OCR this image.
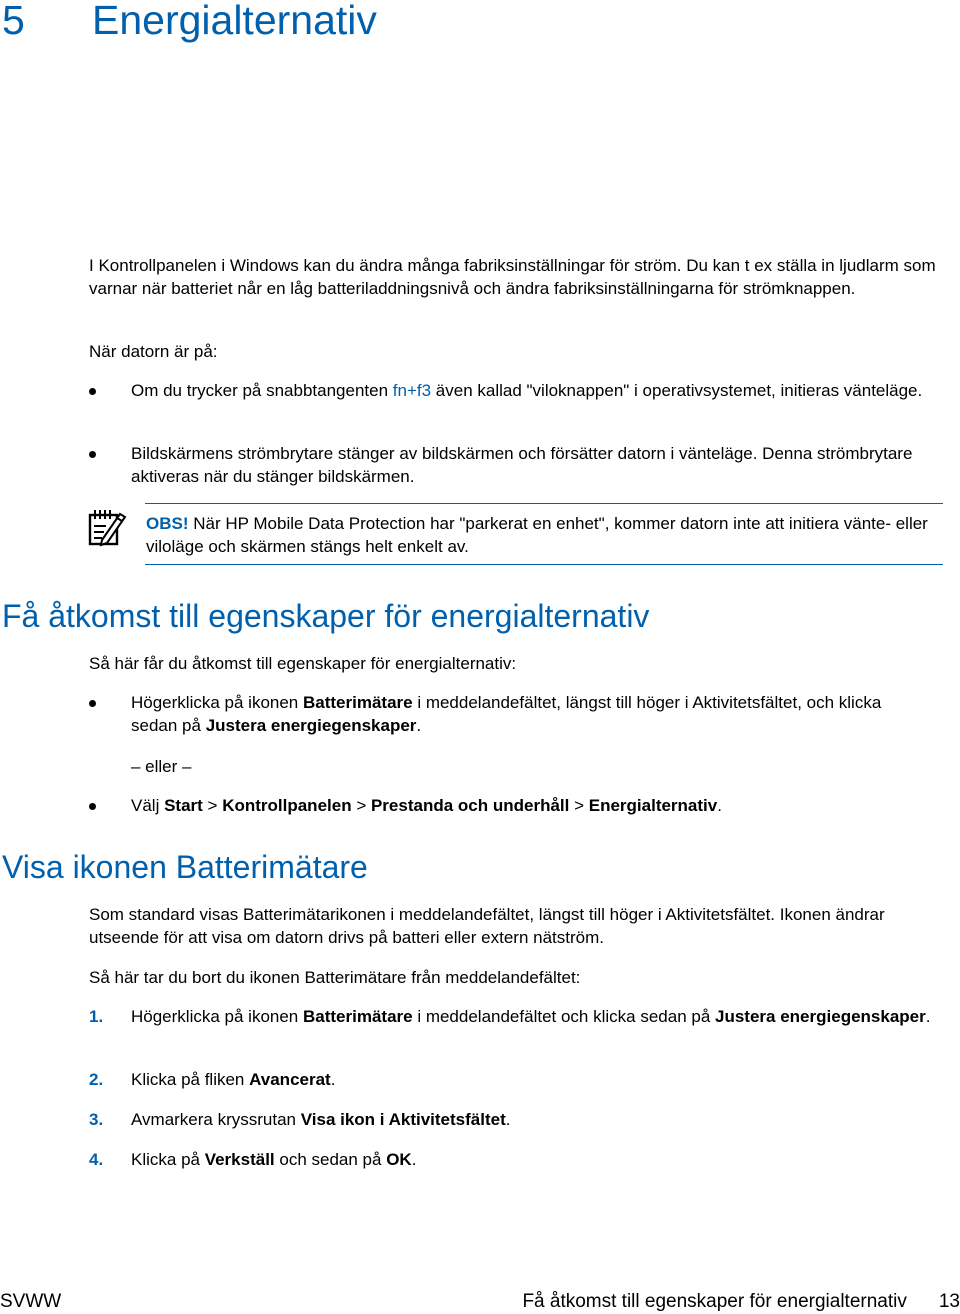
5 Energialternativ
I Kontrollpanelen i Windows kan du ändra många fabriksinställningar för ström. Du kan t ex ställa in ljudlarm som varnar när batteriet når en låg batteriladdningsnivå och ändra fabriksinställningarna för strömknappen.
När datorn är på:
Om du trycker på snabbtangenten fn+f3 även kallad "viloknappen" i operativsystemet, initieras vänteläge.
Bildskärmens strömbrytare stänger av bildskärmen och försätter datorn i vänteläge. Denna strömbrytare aktiveras när du stänger bildskärmen.
OBS! När HP Mobile Data Protection har "parkerat en enhet", kommer datorn inte att initiera vänte- eller viloläge och skärmen stängs helt enkelt av.
Få åtkomst till egenskaper för energialternativ
Så här får du åtkomst till egenskaper för energialternativ:
Högerklicka på ikonen Batterimätare i meddelandefältet, längst till höger i Aktivitetsfältet, och klicka sedan på Justera energiegenskaper.
– eller –
Välj Start > Kontrollpanelen > Prestanda och underhåll > Energialternativ.
Visa ikonen Batterimätare
Som standard visas Batterimätarikonen i meddelandefältet, längst till höger i Aktivitetsfältet. Ikonen ändrar utseende för att visa om datorn drivs på batteri eller extern nätström.
Så här tar du bort du ikonen Batterimätare från meddelandefältet:
1. Högerklicka på ikonen Batterimätare i meddelandefältet och klicka sedan på Justera energiegenskaper.
2. Klicka på fliken Avancerat.
3. Avmarkera kryssrutan Visa ikon i Aktivitetsfältet.
4. Klicka på Verkställ och sedan på OK.
SVWW	Få åtkomst till egenskaper för energialternativ 13
